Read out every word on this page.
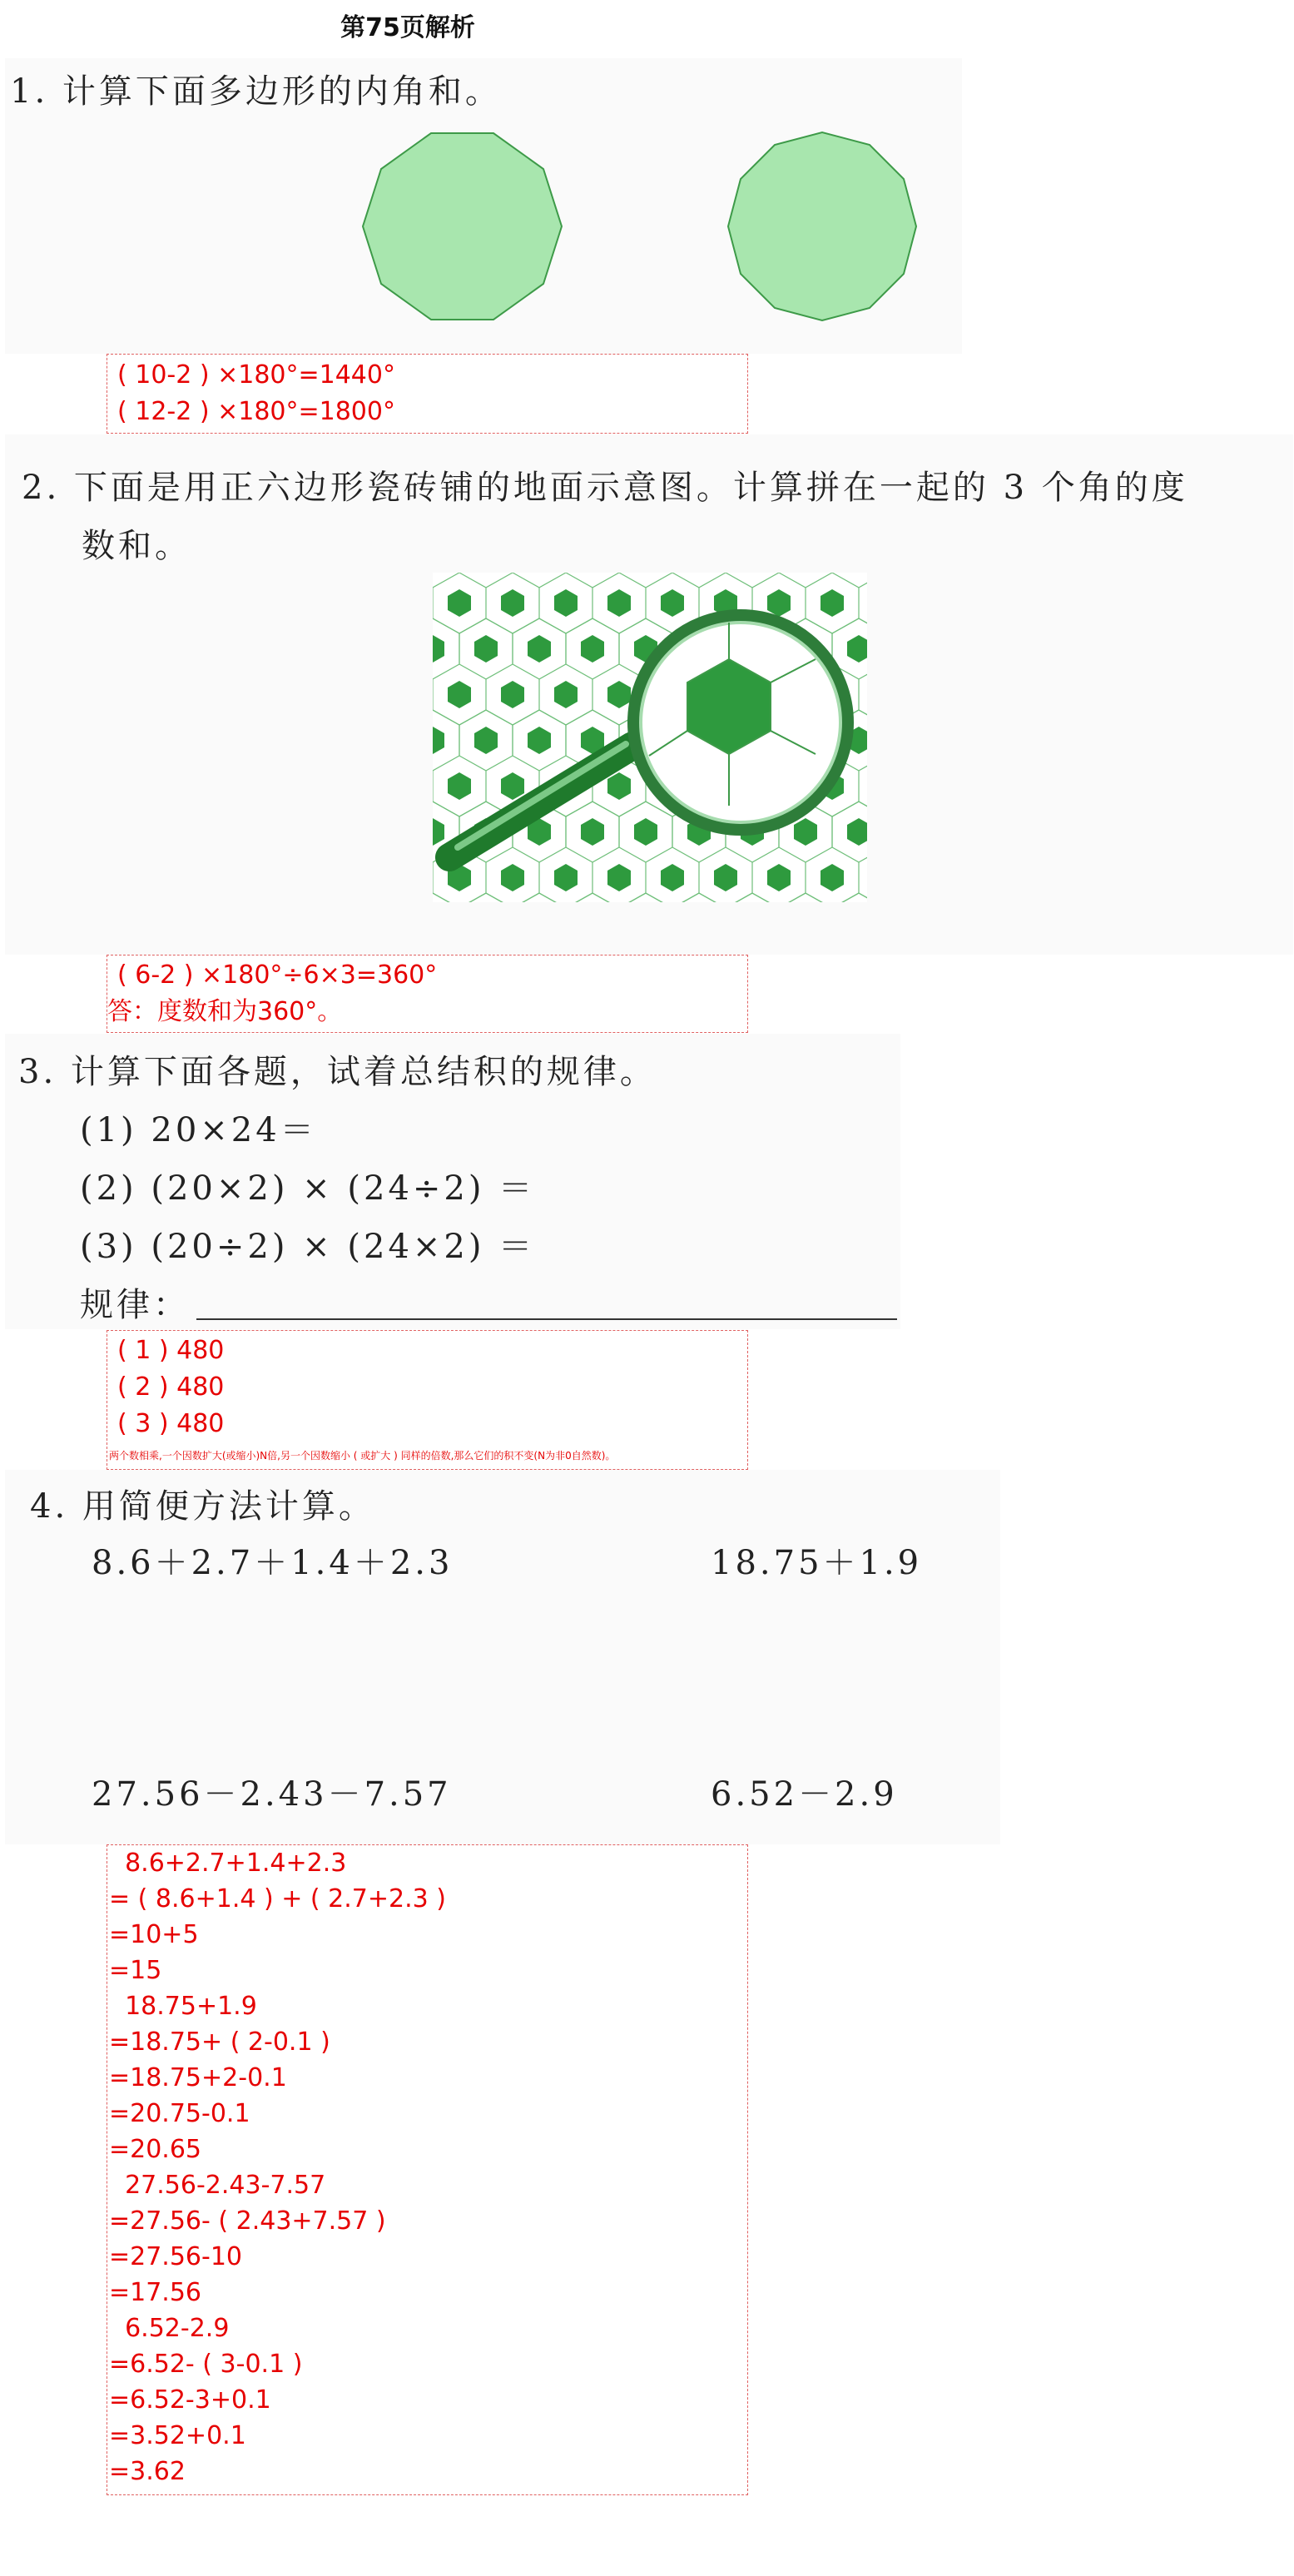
第75页解析
1. 计算下面多边形的内角和。
( 10-2 ) ×180°=1440°
( 12-2 ) ×180°=1800°
2. 下面是用正六边形瓷砖铺的地面示意图。计算拼在一起的 3 个角的度
数和。
( 6-2 ) ×180°÷6×3=360°
答：度数和为360°。
3. 计算下面各题，试着总结积的规律。
(1) 20×24＝
(2) (20×2) × (24÷2) ＝
(3) (20÷2) × (24×2) ＝
规律：
( 1 ) 480
( 2 ) 480
( 3 ) 480
两个数相乘,一个因数扩大(或缩小)N倍,另一个因数缩小 ( 或扩大 ) 同样的倍数,那么它们的积不变(N为非0自然数)。
4. 用简便方法计算。
8.6＋2.7＋1.4＋2.3	18.75＋1.9
27.56－2.43－7.57	6.52－2.9
8.6+2.7+1.4+2.3
= ( 8.6+1.4 ) + ( 2.7+2.3 )
=10+5
=15
18.75+1.9
=18.75+ ( 2-0.1 )
=18.75+2-0.1
=20.75-0.1
=20.65
27.56-2.43-7.57
=27.56- ( 2.43+7.57 )
=27.56-10
=17.56
6.52-2.9
=6.52- ( 3-0.1 )
=6.52-3+0.1
=3.52+0.1
=3.62
